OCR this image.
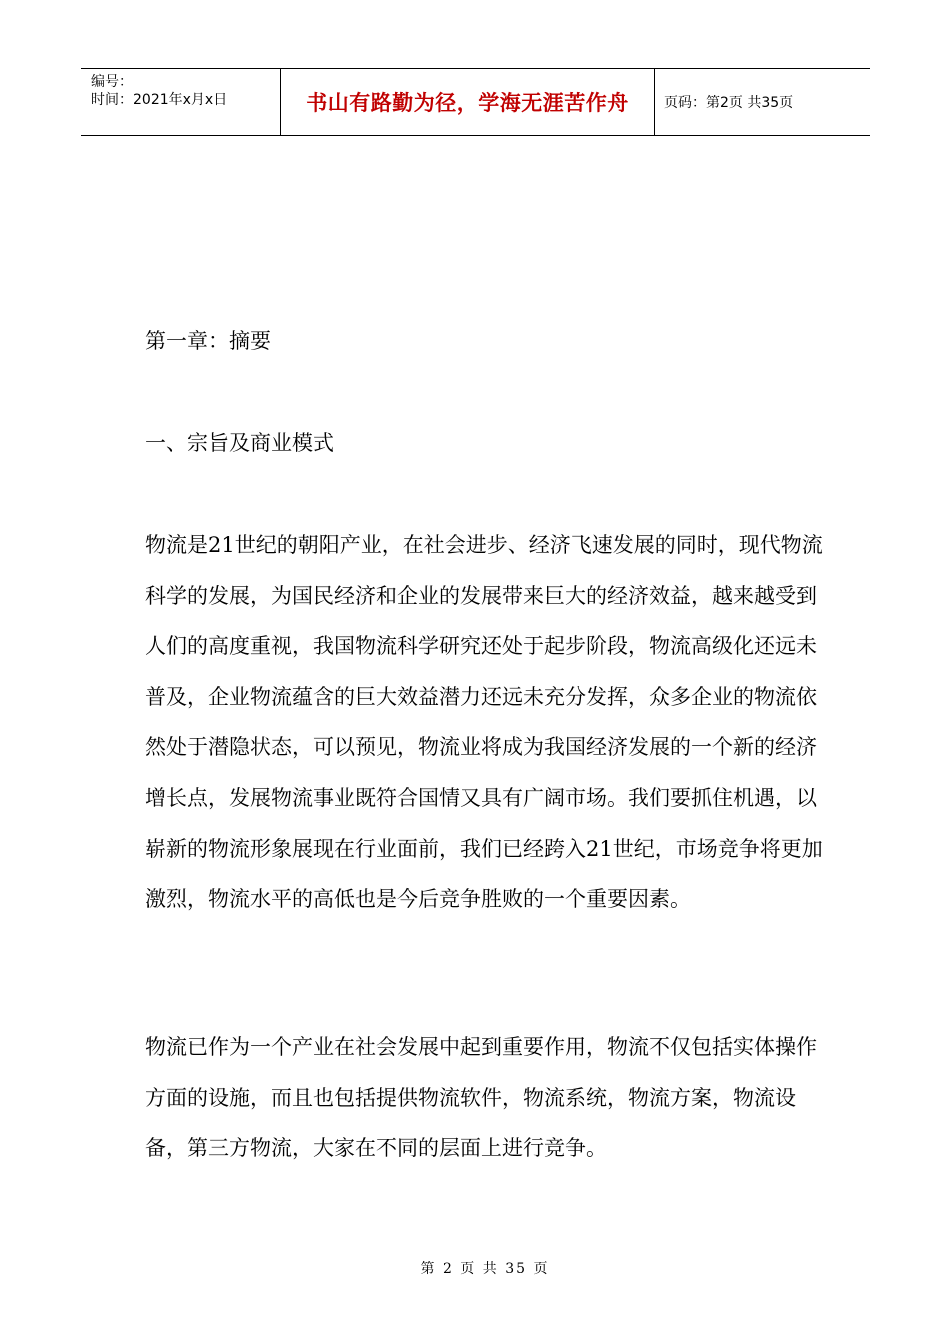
编号：
时间：2021年x月x日	书山有路勤为径，学海无涯苦作舟	页码：第2页 共35页
第一章：摘要
一、宗旨及商业模式

物流是21世纪的朝阳产业，在社会进步、经济飞速发展的同时，现代物流科学的发展，为国民经济和企业的发展带来巨大的经济效益，越来越受到人们的高度重视，我国物流科学研究还处于起步阶段，物流高级化还远未普及，企业物流蕴含的巨大效益潜力还远未充分发挥，众多企业的物流依然处于潜隐状态，可以预见，物流业将成为我国经济发展的一个新的经济增长点，发展物流事业既符合国情又具有广阔市场。我们要抓住机遇，以崭新的物流形象展现在行业面前，我们已经跨入21世纪，市场竞争将更加激烈，物流水平的高低也是今后竞争胜败的一个重要因素。

物流已作为一个产业在社会发展中起到重要作用，物流不仅包括实体操作方面的设施，而且也包括提供物流软件，物流系统，物流方案，物流设备，第三方物流，大家在不同的层面上进行竞争。

第 2 页 共 35 页
